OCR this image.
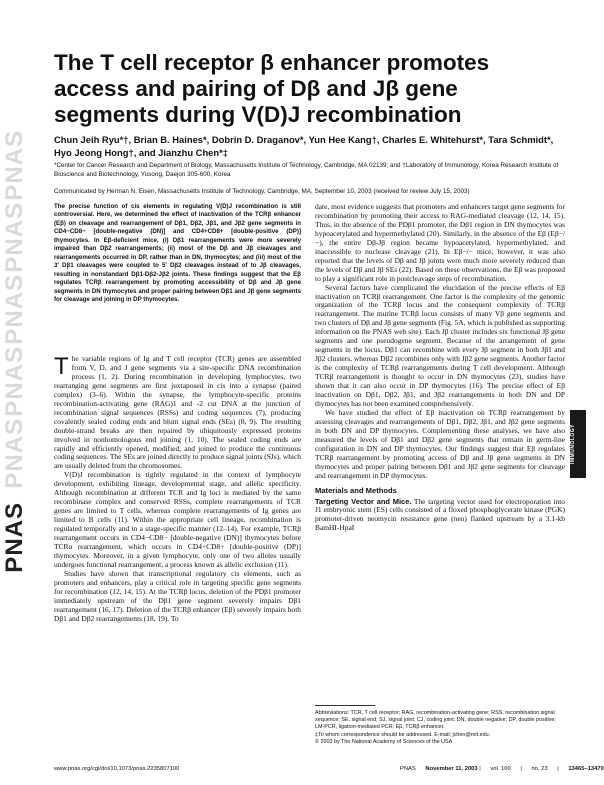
PNAS
PNAS
PNAS
PNAS
PNAS
PNAS
The T cell receptor β enhancer promotes access and pairing of Dβ and Jβ gene segments during V(D)J recombination
Chun Jeih Ryu*†, Brian B. Haines*, Dobrin D. Draganov*, Yun Hee Kang†, Charles E. Whitehurst*, Tara Schmidt*, Hyo Jeong Hong†, and Jianzhu Chen*‡
*Center for Cancer Research and Department of Biology, Massachusetts Institute of Technology, Cambridge, MA 02139; and †Laboratory of Immunology, Korea Research Institute of Bioscience and Biotechnology, Yusong, Daejon 305-600, Korea
Communicated by Herman N. Eisen, Massachusetts Institute of Technology, Cambridge, MA, September 10, 2003 (received for review July 15, 2003)
The precise function of cis elements in regulating V(D)J recombination is still controversial. Here, we determined the effect of inactivation of the TCRβ enhancer (Eβ) on cleavage and rearrangement of Dβ1, Dβ2, Jβ1, and Jβ2 gene segments in CD4−CD8− [double-negative (DN)] and CD4+CD8+ [double-positive (DP)] thymocytes. In Eβ-deficient mice, (i) Dβ1 rearrangements were more severely impaired than Dβ2 rearrangements; (ii) most of the Dβ and Jβ cleavages and rearrangements occurred in DP, rather than in DN, thymocytes; and (iii) most of the 3′ Dβ1 cleavages were coupled to 5′ Dβ2 cleavages instead of to Jβ cleavages, resulting in nonstandard Dβ1-Dβ2-Jβ2 joints. These findings suggest that the Eβ regulates TCRβ rearrangement by promoting accessibility of Dβ and Jβ gene segments in DN thymocytes and proper pairing between Dβ1 and Jβ gene segments for cleavage and joining in DP thymocytes.

The variable regions of Ig and T cell receptor (TCR) genes are assembled from V, D, and J gene segments via a site-specific DNA recombination process (1, 2). During recombination in developing lymphocytes, two rearranging gene segments are first juxtaposed in cis into a synapse (paired complex) (3–6). Within the synapse, the lymphocyte-specific proteins recombination-activating gene (RAG)1 and -2 cut DNA at the junction of recombination signal sequences (RSSs) and coding sequences (7), producing covalently sealed coding ends and blunt signal ends (SEs) (8, 9). The resulting double-strand breaks are then repaired by ubiquitously expressed proteins involved in nonhomologous end joining (1, 10). The sealed coding ends are rapidly and efficiently opened, modified, and joined to produce the continuous coding sequences. The SEs are joined directly to produce signal joints (SJs), which are usually deleted from the chromosomes.

V(D)J recombination is tightly regulated in the context of lymphocyte development, exhibiting lineage, developmental stage, and allelic specificity. Although recombination at different TCR and Ig loci is mediated by the same recombinase complex and conserved RSSs, complete rearrangements of TCR genes are limited to T cells, whereas complete rearrangements of Ig genes are limited to B cells (11). Within the appropriate cell lineage, recombination is regulated temporally and in a stage-specific manner (12–14). For example, TCRβ rearrangement occurs in CD4−CD8− [double-negative (DN)] thymocytes before TCRα rearrangement, which occurs in CD4+CD8+ [double-positive (DP)] thymocytes. Moreover, in a given lymphocyte, only one of two alleles usually undergoes functional rearrangement, a process known as allelic exclusion (11).

Studies have shown that transcriptional regulatory cis elements, such as promoters and enhancers, play a critical role in targeting specific gene segments for recombination (12, 14, 15). At the TCRβ locus, deletion of the PDβ1 promoter immediately upstream of the Dβ1 gene segment severely impairs Dβ1 rearrangement (16, 17). Deletion of the TCRβ enhancer (Eβ) severely impairs both Dβ1 and Dβ2 rearrangements (18, 19). To

date, most evidence suggests that promoters and enhancers target gene segments for recombination by promoting their access to RAG-mediated cleavage (12, 14, 15). Thus, in the absence of the PDβ1 promoter, the Dβ1 region in DN thymocytes was hypoacetylated and hypermethylated (20). Similarly, in the absence of the Eβ (Eβ−/−), the entire Dβ-Jβ region became hypoacetylated, hypermethylated, and inaccessible to nuclease cleavage (21). In Eβ−/− mice, however, it was also reported that the levels of Dβ and Jβ joints were much more severely reduced than the levels of Dβ and Jβ SEs (22). Based on these observations, the Eβ was proposed to play a significant role in postcleavage steps of recombination.

Several factors have complicated the elucidation of the precise effects of Eβ inactivation on TCRβ rearrangement. One factor is the complexity of the genomic organization of the TCRβ locus and the consequent complexity of TCRβ rearrangement. The murine TCRβ locus consists of many Vβ gene segments and two clusters of Dβ and Jβ gene segments (Fig. 5A, which is published as supporting information on the PNAS web site). Each Jβ cluster includes six functional Jβ gene segments and one pseudogene segment. Because of the arrangement of gene segments in the locus, Dβ1 can recombine with every Jβ segment in both Jβ1 and Jβ2 clusters, whereas Dβ2 recombines only with Jβ2 gene segments. Another factor is the complexity of TCRβ rearrangements during T cell development. Although TCRβ rearrangement is thought to occur in DN thymocytes (23), studies have shown that it can also occur in DP thymocytes (16). The precise effect of Eβ inactivation on Dβ1, Dβ2, Jβ1, and Jβ2 rearrangements in both DN and DP thymocytes has not been examined comprehensively.

We have studied the effect of Eβ inactivation on TCRβ rearrangement by assessing cleavages and rearrangements of Dβ1, Dβ2, Jβ1, and Jβ2 gene segments in both DN and DP thymocytes. Complementing these analyses, we have also measured the levels of Dβ1 and Dβ2 gene segments that remain in germ-line configuration in DN and DP thymocytes. Our findings suggest that Eβ regulates TCRβ rearrangement by promoting access of Dβ and Jβ gene segments in DN thymocytes and proper pairing between Dβ1 and Jβ2 gene segments for cleavage and rearrangement in DP thymocytes.

Materials and Methods

Targeting Vector and Mice. The targeting vector used for electroporation into J1 embryonic stem (ES) cells consisted of a floxed phosphoglycerate kinase (PGK) promoter-driven neomycin resistance gene (neo) flanked upstream by a 3.1-kb BamHI-HpaI

Abbreviations: TCR, T cell receptor; RAG, recombination-activating gene; RSS, recombination signal sequence; SE, signal end; SJ, signal joint; CJ, coding joint; DN, double negative; DP, double positive; LM-PCR, ligation-mediated PCR; Eβ, TCRβ enhancer.

‡To whom correspondence should be addressed. E-mail: jchen@mit.edu.

© 2003 by The National Academy of Sciences of the USA

www.pnas.org/cgi/doi/10.1073/pnas.2235807100	PNAS November 11, 2003 | vol. 100 | no. 23 | 13465–13470
IMMUNOLOGY
